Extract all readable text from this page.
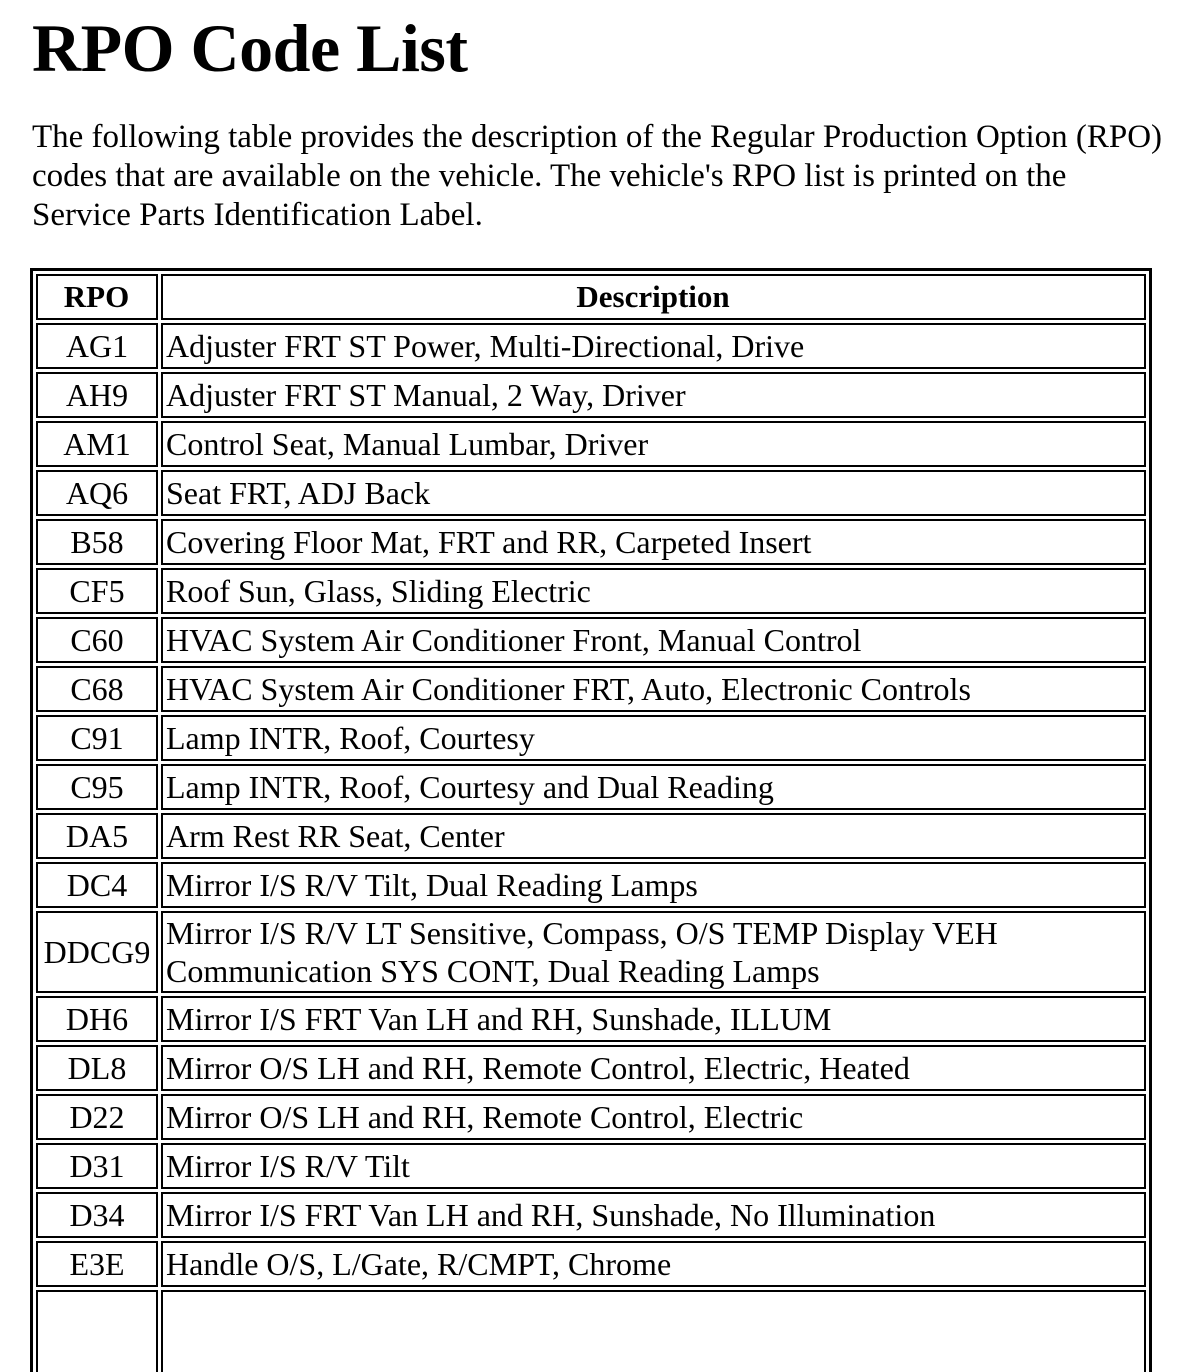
RPO Code List

The following table provides the description of the Regular Production Option (RPO) codes that are available on the vehicle. The vehicle's RPO list is printed on the Service Parts Identification Label.

RPO	Description
AG1	Adjuster FRT ST Power, Multi-Directional, Drive
AH9	Adjuster FRT ST Manual, 2 Way, Driver
AM1	Control Seat, Manual Lumbar, Driver
AQ6	Seat FRT, ADJ Back
B58	Covering Floor Mat, FRT and RR, Carpeted Insert
CF5	Roof Sun, Glass, Sliding Electric
C60	HVAC System Air Conditioner Front, Manual Control
C68	HVAC System Air Conditioner FRT, Auto, Electronic Controls
C91	Lamp INTR, Roof, Courtesy
C95	Lamp INTR, Roof, Courtesy and Dual Reading
DA5	Arm Rest RR Seat, Center
DC4	Mirror I/S R/V Tilt, Dual Reading Lamps
DDCG9	Mirror I/S R/V LT Sensitive, Compass, O/S TEMP Display VEH Communication SYS CONT, Dual Reading Lamps
DH6	Mirror I/S FRT Van LH and RH, Sunshade, ILLUM
DL8	Mirror O/S LH and RH, Remote Control, Electric, Heated
D22	Mirror O/S LH and RH, Remote Control, Electric
D31	Mirror I/S R/V Tilt
D34	Mirror I/S FRT Van LH and RH, Sunshade, No Illumination
E3E	Handle O/S, L/Gate, R/CMPT, Chrome
